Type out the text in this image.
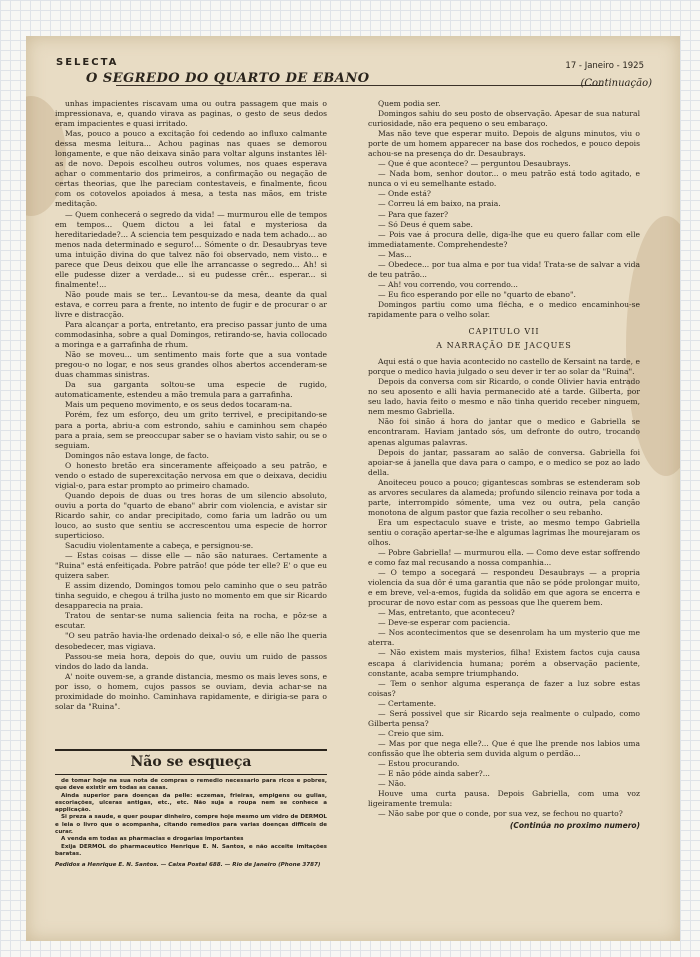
SELECTA
O SEGREDO DO QUARTO DE EBANO
17 - Janeiro - 1925
(Continuação)

unhas impacientes riscavam uma ou outra passagem que mais o impressionava, e, quando virava as paginas, o gesto de seus dedos eram impacientes e quasi irritado.

Mas, pouco a pouco a excitação foi cedendo ao influxo calmante dessa mesma leitura... Achou paginas nas quaes se demorou longamente, e que não deixava sinão para voltar alguns instantes lêl-as de novo. Depois escolheu outros volumes, nos quaes esperava achar o commentario dos primeiros, a confirmação ou negação de certas theorias, que lhe pareciam contestaveis, e finalmente, ficou com os cotovelos apoiados á mesa, a testa nas mãos, em triste meditação.

— Quem conhecerá o segredo da vida! — murmurou elle de tempos em tempos... Quem dictou a lei fatal e mysteriosa da hereditariedade?... A sciencia tem pesquizado e nada tem achado... ao menos nada determinado e seguro!... Sómente o dr. Desaubryas teve uma intuição divina do que talvez não foi observado, nem visto... e parece que Deus deixou que elle lhe arrancasse o segredo... Ah! si elle pudesse dizer a verdade... si eu pudesse crêr... esperar... si finalmente!...

Não poude mais se ter... Levantou-se da mesa, deante da qual estava, e correu para a frente, no intento de fugir e de procurar o ar livre e distracção.

Para alcançar a porta, entretanto, era preciso passar junto de uma commodasinha, sobre a qual Domingos, retirando-se, havia collocado a moringa e a garrafinha de rhum.

Não se moveu... um sentimento mais forte que a sua vontade pregou-o no logar, e nos seus grandes olhos abertos accenderam-se duas chammas sinistras.

Da sua garganta soltou-se uma especie de rugido, automaticamente, estendeu a mão tremula para a garrafinha.

Mais um pequeno movimento, e os seus dedos tocaram-na.

Porém, fez um esforço, deu um grito terrivel, e precipitando-se para a porta, abriu-a com estrondo, sahiu e caminhou sem chapéo para a praia, sem se preoccupar saber se o haviam visto sahir, ou se o seguiam.

Domingos não estava longe, de facto.

O honesto bretão era sinceramente affeiçoado a seu patrão, e vendo o estado de superexcitação nervosa em que o deixava, decidiu vigial-o, para estar prompto ao primeiro chamado.

Quando depois de duas ou tres horas de um silencio absoluto, ouviu a porta do "quarto de ebano" abrir com violencia, e avistar sir Ricardo sahir, co andar precipitado, como faria um ladrão ou um louco, ao susto que sentiu se accrescentou uma especie de horror superticioso.

Sacudiu violentamente a cabeça, e persignou-se.

— Estas coisas — disse elle — não são naturaes. Certamente a "Ruina" está enfeitiçada. Pobre patrão! que póde ter elle? E' o que eu quizera saber.

E assim dizendo, Domingos tomou pelo caminho que o seu patrão tinha seguido, e chegou á trilha justo no momento em que sir Ricardo desapparecia na praia.

Tratou de sentar-se numa saliencia feita na rocha, e pôz-se a escutar.

"O seu patrão havia-lhe ordenado deixal-o só, e elle não lhe queria desobedecer, mas vigiava.

Passou-se meia hora, depois do que, ouviu um ruido de passos vindos do lado da landa.

A' noite ouvem-se, a grande distancia, mesmo os mais leves sons, e por isso, o homem, cujos passos se ouviam, devia achar-se na proximidade do moinho. Caminhava rapidamente, e dirigia-se para o solar da "Ruina".

Quem podia ser.

Domingos sahiu do seu posto de observação. Apesar de sua natural curiosidade, não era pequeno o seu embaraço.

Mas não teve que esperar muito. Depois de alguns minutos, viu o porte de um homem apparecer na base dos rochedos, e pouco depois achou-se na presença do dr. Desaubrays.

— Que é que acontece? — perguntou Desaubrays.

— Nada bom, senhor doutor... o meu patrão está todo agitado, e nunca o vi eu semelhante estado.

— Onde está?

— Correu lá em baixo, na praia.

— Para que fazer?

— Só Deus é quem sabe.

— Pois vae á procura delle, diga-lhe que eu quero fallar com elle immediatamente. Comprehendeste?

— Mas...

— Obedece... por tua alma e por tua vida! Trata-se de salvar a vida de teu patrão...

— Ah! vou correndo, vou correndo...

— Eu fico esperando por elle no "quarto de ebano".

Domingos partiu como uma flécha, e o medico encaminhou-se rapidamente para o velho solar.

CAPITULO VII

A NARRAÇÃO DE JACQUES

Aqui está o que havia acontecido no castello de Kersaint na tarde, e porque o medico havia julgado o seu dever ir ter ao solar da "Ruina".

Depois da conversa com sir Ricardo, o conde Olivier havia entrado no seu aposento e alli havia permanecido até a tarde. Gilberta, por seu lado, havia feito o mesmo e não tinha querido receber ninguem, nem mesmo Gabriella.

Não foi sinão á hora do jantar que o medico e Gabriella se encontraram. Haviam jantado sós, um defronte do outro, trocando apenas algumas palavras.

Depois do jantar, passaram ao salão de conversa. Gabriella foi apoiar-se á janella que dava para o campo, e o medico se poz ao lado della.

Anoiteceu pouco a pouco; gigantescas sombras se estenderam sob as arvores seculares da alameda; profundo silencio reinava por toda a parte, interrompido sómente, uma vez ou outra, pela canção monotona de algum pastor que fazia recolher o seu rebanho.

Era um espectaculo suave e triste, ao mesmo tempo Gabriella sentiu o coração apertar-se-lhe e algumas lagrimas lhe mourejaram os olhos.

— Pobre Gabriella! — murmurou ella. — Como deve estar soffrendo e como faz mal recusando a nossa companhia...

— O tempo a socegará — respondeu Desaubrays — a propria violencia da sua dôr é uma garantia que não se póde prolongar muito, e em breve, vel-a-emos, fugida da solidão em que agora se encerra e procurar de novo estar com as pessoas que lhe querem bem.

— Mas, entretanto, que aconteceu?

— Deve-se esperar com paciencia.

— Nos acontecimentos que se desenrolam ha um mysterio que me aterra.

— Não existem mais mysterios, filha! Existem factos cuja causa escapa á clarividencia humana; porém a observação paciente, constante, acaba sempre triumphando.

— Tem o senhor alguma esperança de fazer a luz sobre estas coisas?

— Certamente.

— Será possivel que sir Ricardo seja realmente o culpado, como Gilberta pensa?

— Creio que sim.

— Mas por que nega elle?... Que é que lhe prende nos labios uma confissão que lhe obteria sem duvida algum o perdão...

— Estou procurando.

— E não póde ainda saber?...

— Não.

Houve uma curta pausa. Depois Gabriella, com uma voz ligeiramente tremula:

— Não sabe por que o conde, por sua vez, se fechou no quarto?

(Continúa no proximo numero)

Não se esqueça

de tomar hoje na sua nota de compras o remedio necessario para ricos e pobres, que deve existir em todas as casas.

Ainda superior para doenças da pelle: eczemas, frieiras, empigens ou gulias, escoriações, ulceras antigas, etc., etc. Não suja a roupa nem se conhece a applicação.

Si preza a saude, e quer poupar dinheiro, compre hoje mesmo um vidro de DERMOL e leia o livro que o acompanha, citando remedios para varias doenças difficeis de curar.

A venda em todas as pharmacias e drogarias importantes

Exija DERMOL do pharmaceutico Henrique E. N. Santos, e não acceite imitações baratas.

Pedidos a Henrique E. N. Santos. — Caixa Postal 688. — Rio de Janeiro (Phone 3787)
